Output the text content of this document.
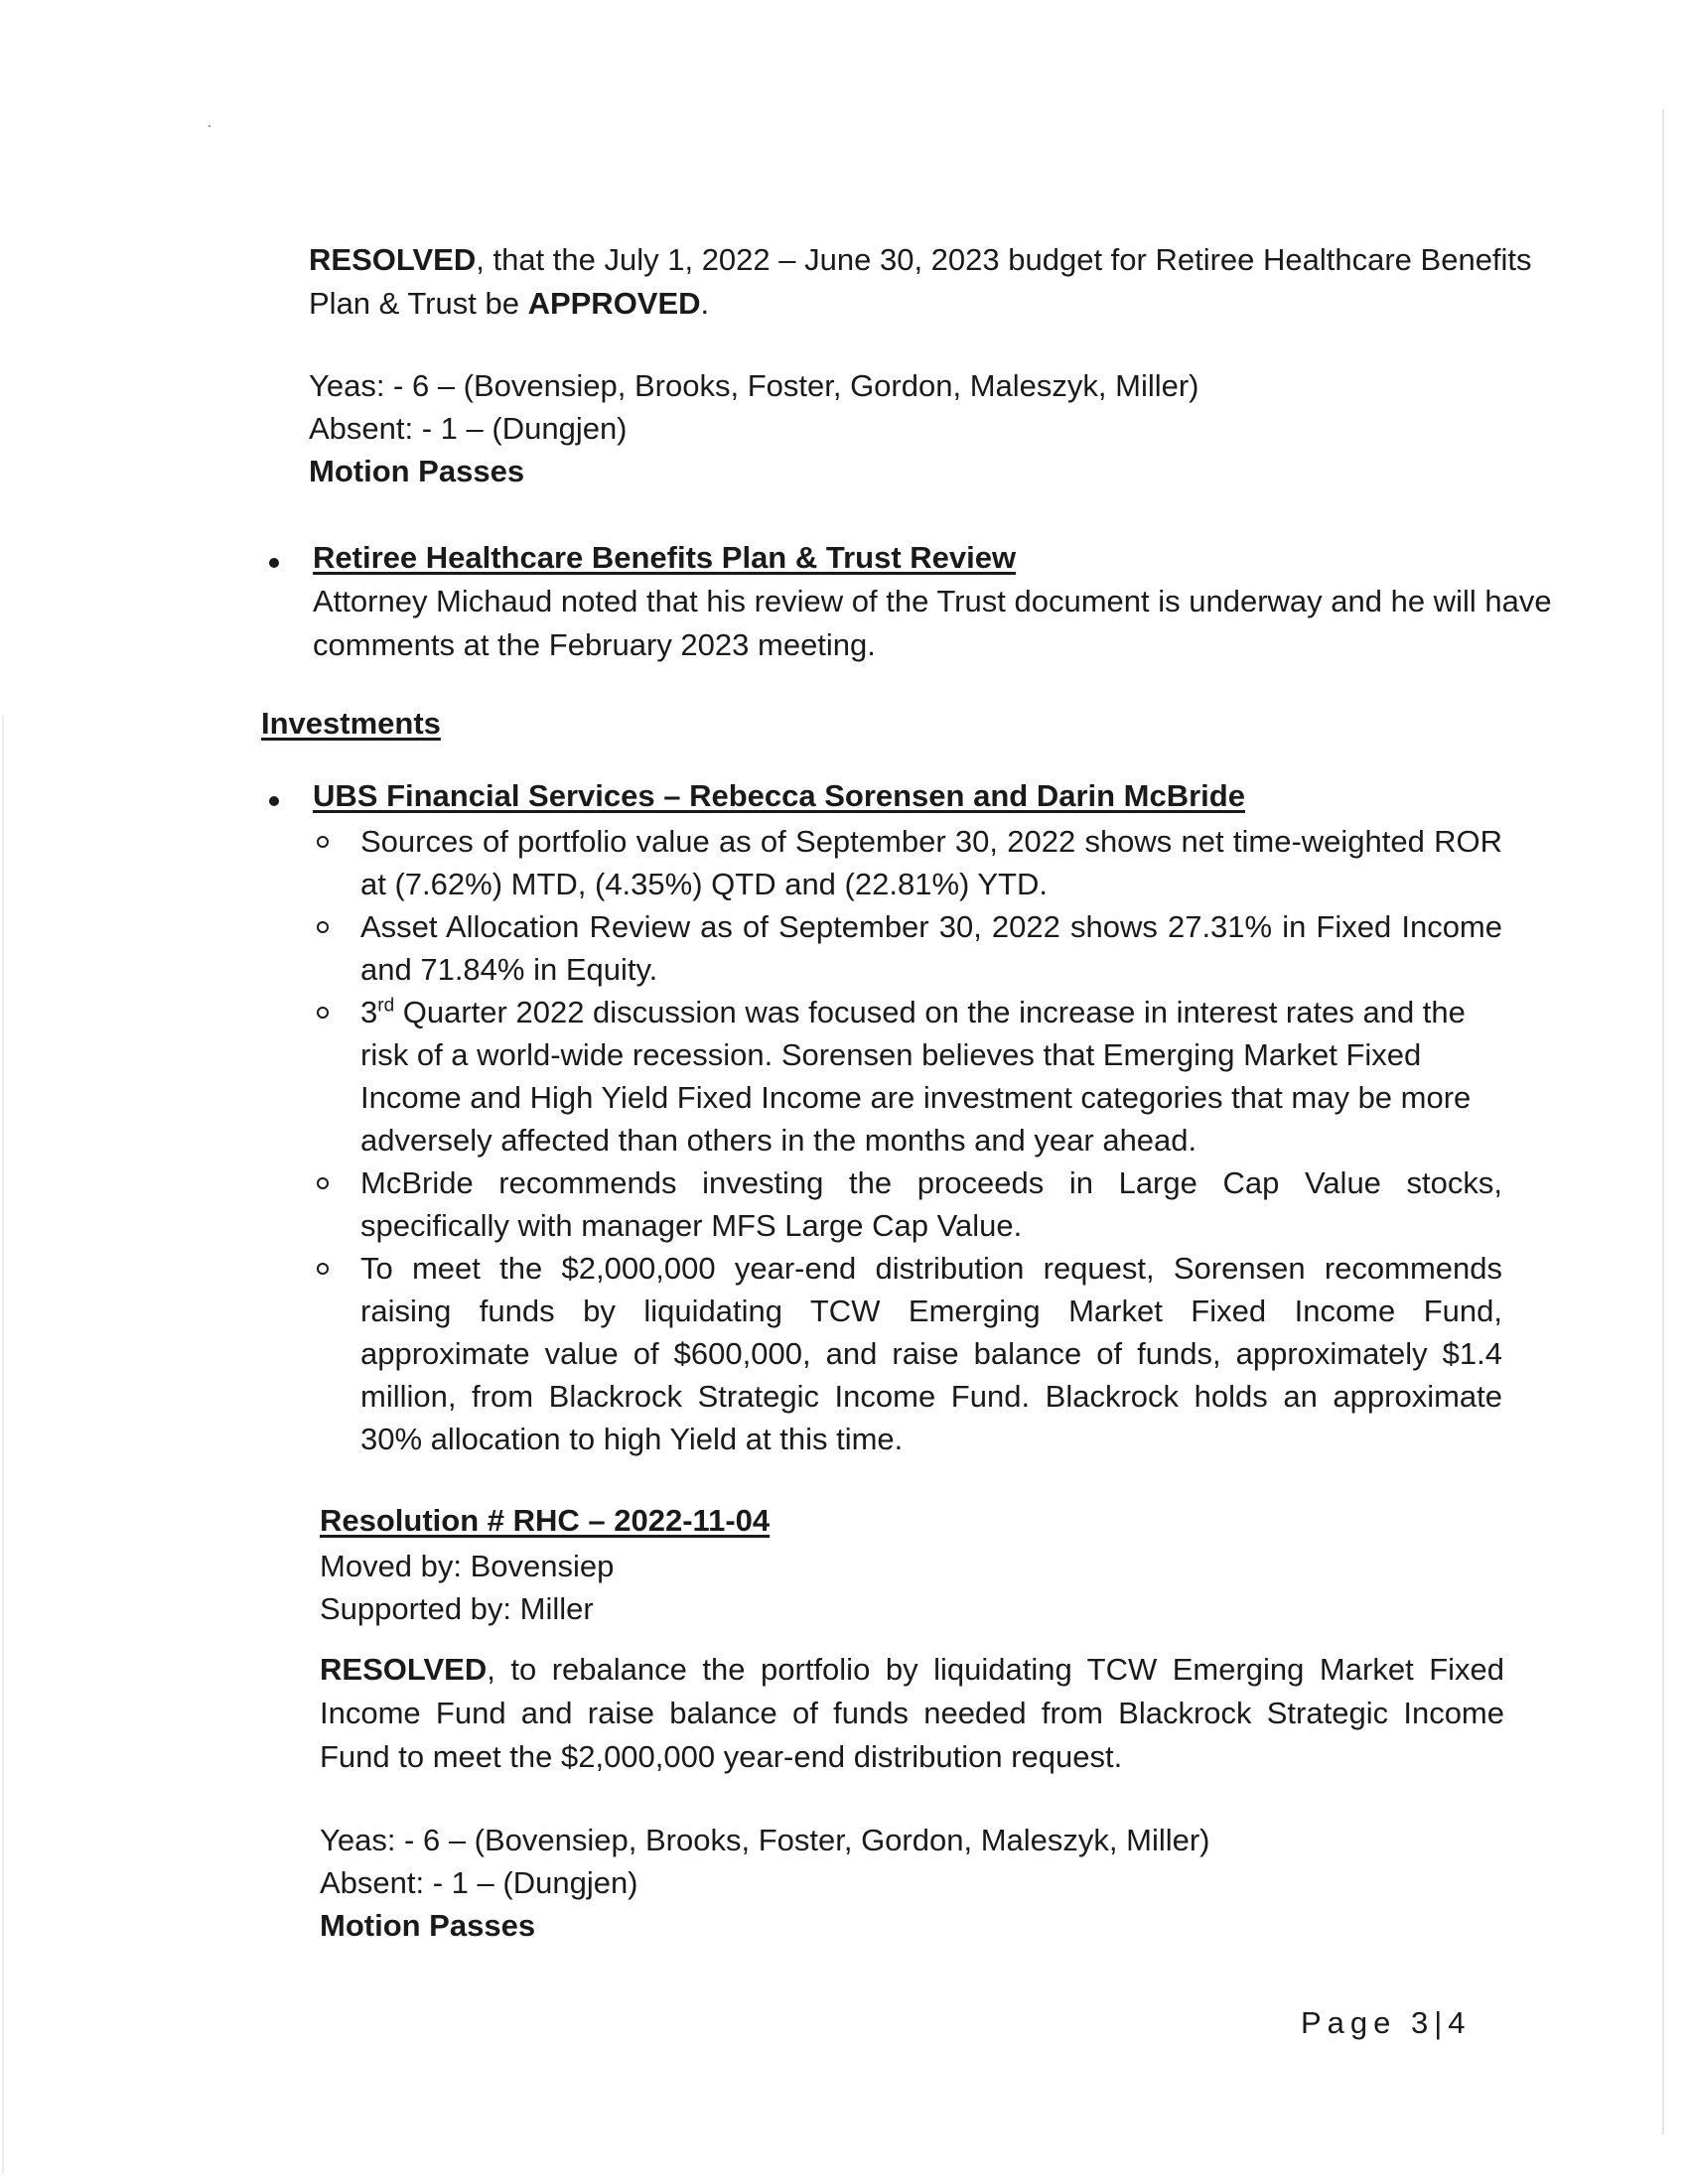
RESOLVED, that the July 1, 2022 – June 30, 2023 budget for Retiree Healthcare Benefits Plan & Trust be APPROVED.
Yeas: - 6 – (Bovensiep, Brooks, Foster, Gordon, Maleszyk, Miller)
Absent: - 1 – (Dungjen)
Motion Passes
Retiree Healthcare Benefits Plan & Trust Review
Attorney Michaud noted that his review of the Trust document is underway and he will have comments at the February 2023 meeting.
Investments
UBS Financial Services – Rebecca Sorensen and Darin McBride
Sources of portfolio value as of September 30, 2022 shows net time-weighted ROR at (7.62%) MTD, (4.35%) QTD and (22.81%) YTD.
Asset Allocation Review as of September 30, 2022 shows 27.31% in Fixed Income and 71.84% in Equity.
3rd Quarter 2022 discussion was focused on the increase in interest rates and the risk of a world-wide recession. Sorensen believes that Emerging Market Fixed Income and High Yield Fixed Income are investment categories that may be more adversely affected than others in the months and year ahead.
McBride recommends investing the proceeds in Large Cap Value stocks, specifically with manager MFS Large Cap Value.
To meet the $2,000,000 year-end distribution request, Sorensen recommends raising funds by liquidating TCW Emerging Market Fixed Income Fund, approximate value of $600,000, and raise balance of funds, approximately $1.4 million, from Blackrock Strategic Income Fund. Blackrock holds an approximate 30% allocation to high Yield at this time.
Resolution # RHC – 2022-11-04
Moved by: Bovensiep
Supported by: Miller
RESOLVED, to rebalance the portfolio by liquidating TCW Emerging Market Fixed Income Fund and raise balance of funds needed from Blackrock Strategic Income Fund to meet the $2,000,000 year-end distribution request.
Yeas: - 6 – (Bovensiep, Brooks, Foster, Gordon, Maleszyk, Miller)
Absent: - 1 – (Dungjen)
Motion Passes
Page 3|4
